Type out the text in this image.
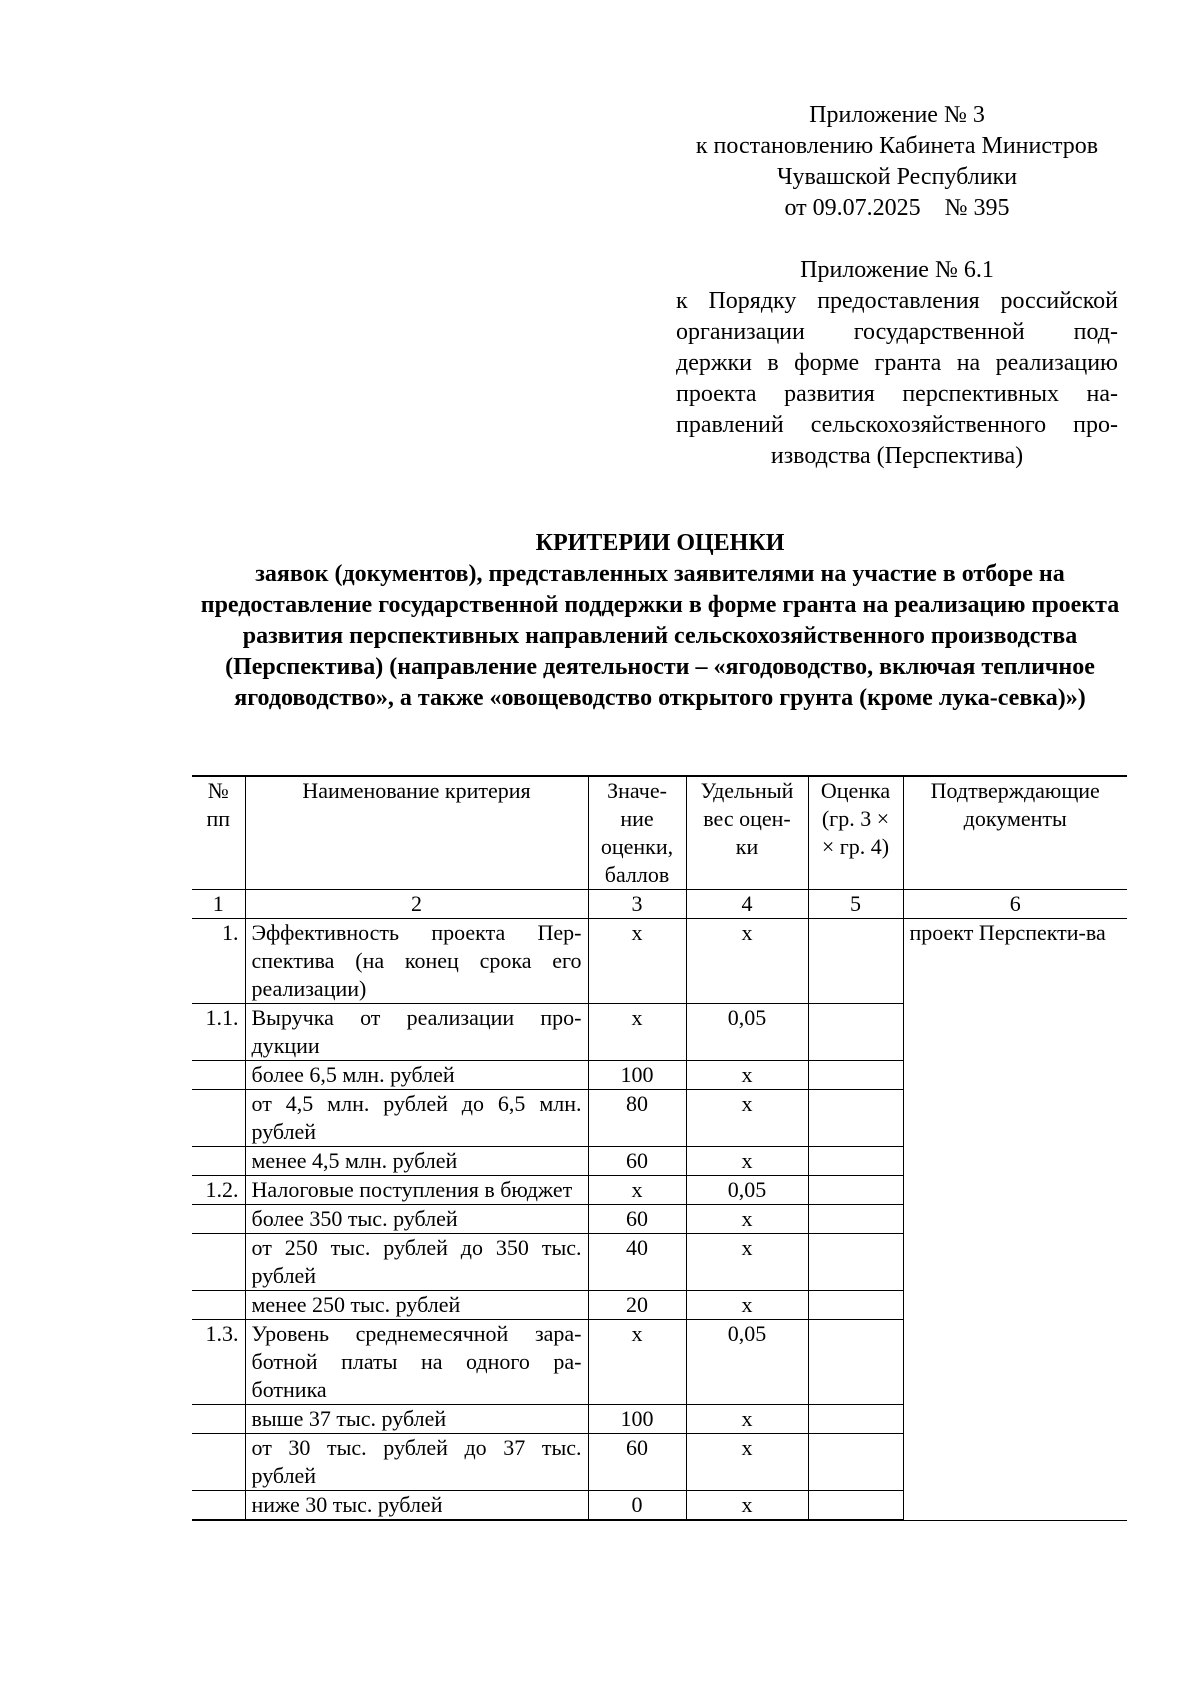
Приложение № 3

к постановлению Кабинета Министров

Чувашской Республики

от 09.07.2025    № 395

Приложение № 6.1

к Порядку предоставления российской

организации государственной под-

держки в форме гранта на реализацию

проекта развития перспективных на-

правлений сельскохозяйственного про-

изводства (Перспектива)

КРИТЕРИИ ОЦЕНКИ

заявок (документов), представленных заявителями на участие в отборе на предоставление государственной поддержки в форме гранта на реализацию проекта развития перспективных направлений сельскохозяйственного производства (Перспектива) (направление деятельности – «ягодоводство, включая тепличное ягодоводство», а также «овощеводство открытого грунта (кроме лука-севка)»)

№ пп	Наименование критерия	Значе-ние оценки, баллов	Удельный вес оцен-ки	Оценка (гр. 3 × × гр. 4)	Подтверждающие документы
1	2	3	4	5	6
1.	Эффективность проекта Пер-спектива (на конец срока его реализации)	х	х		проект Перспекти-ва
1.1.	Выручка от реализации про-дукции	х	0,05		
	более 6,5 млн. рублей	100	х		
	от 4,5 млн. рублей до 6,5 млн. рублей	80	х		
	менее 4,5 млн. рублей	60	х		
1.2.	Налоговые поступления в бюджет	х	0,05		
	более 350 тыс. рублей	60	х		
	от 250 тыс. рублей до 350 тыс. рублей	40	х		
	менее 250 тыс. рублей	20	х		
1.3.	Уровень среднемесячной зара-ботной платы на одного ра-ботника	х	0,05		
	выше 37 тыс. рублей	100	х		
	от 30 тыс. рублей до 37 тыс. рублей	60	х		
	ниже 30 тыс. рублей	0	х		
